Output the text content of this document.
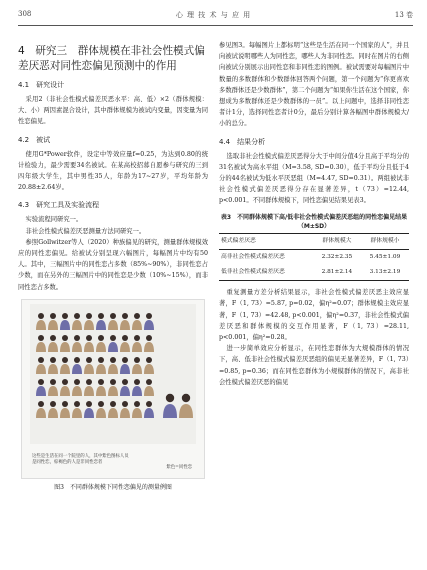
308	心 理 技 术 与 应 用	13 卷
4　研究三　群体规模在非社会性模式偏差厌恶对同性恋偏见预测中的作用
4.1　研究设计

采用2（非社会性模式偏差厌恶水平：高、低）×2（群体规模：大、小）两因素混合设计，其中群体规模为被试内变量，因变量为同性恋偏见。

4.2　被试

使用G*Power软件，设定中等效应量f=0.25，为达到0.80的统计检验力，最少需要34名被试。在某高校招募自愿参与研究的三到四年级大学生，其中男性35人，年龄为17~27岁，平均年龄为20.88±2.64岁。

4.3　研究工具及实验流程

实验流程同研究一。

非社会性模式偏差厌恶测量方法同研究一。

参照Gollwitzer等人（2020）种族偏见的研究，测量群体规模效应的同性恋偏见。给被试分别呈现六幅图片，每幅图片中均有50人。其中，三幅图片中的同性恋占多数（85%~90%），非同性恋占少数，而在另外的三幅图片中的同性恋是少数（10%~15%），而非同性恋占多数。

这些是生活在同一个院里的人，其中紫色图标人员是同性恋，棕褐色的人是非同性恋者
紫色=同性恋
图3　不同群体规模下同性恋偏见的测量例图

参见图3。每幅图片上都标明“这些是生活在同一个国家的人”，并且向被试说明哪些人为同性恋，哪些人为非同性恋。同时在图片的右侧向被试分别展示出同性恋和非同性恋的图例。被试需要对每幅图片中数量的多数群体和少数群体回答两个问题，第一个问题为“你更喜欢多数群体还是少数群体”，第二个问题为“如果你生活在这个国家，你想成为多数群体还是少数群体的一员”。以上问题中，选择非同性恋者计1分，选择同性恋者计0分，最后分别计算各幅图中群体规模大/小的总分。

4.4　结果分析

选取非社会性模式偏差厌恶得分大于中间分值4分且高于平均分的31名被试为高水平组（M=3.58, SD=0.30），低于平均分且低于4分的44名被试为低水平厌恶组（M=4.47, SD=0.31）。两组被试非社会性模式偏差厌恶得分存在显著差异，t（73）=12.44, p<0.001。不同群体规模下，同性恋偏见结果见表3。

表3　不同群体规模下高/低非社会性模式偏差厌恶组的同性恋偏见结果（M±SD）
模式偏差厌恶	群体规模大	群体规模小
高非社会性模式偏差厌恶	2.32±2.35	5.45±1.09
低非社会性模式偏差厌恶	2.81±2.14	3.13±2.19

重复测量方差分析结果显示，非社会性模式偏差厌恶主效应显著，F（1, 73）=5.87, p=0.02，偏η²=0.07；群体规模主效应显著，F（1, 73）=42.48, p<0.001，偏η²=0.37，非社会性模式偏差厌恶和群体规模的交互作用显著，F（1, 73）=28.11, p<0.001，偏η²=0.28。

进一步简单效应分析显示，在同性恋群体为大规模群体的情况下，高、低非社会性模式偏差厌恶组的偏见无显著差异，F（1, 73）=0.85, p=0.36；而在同性恋群体为小规模群体的情况下，高非社会性模式偏差厌恶的偏见
